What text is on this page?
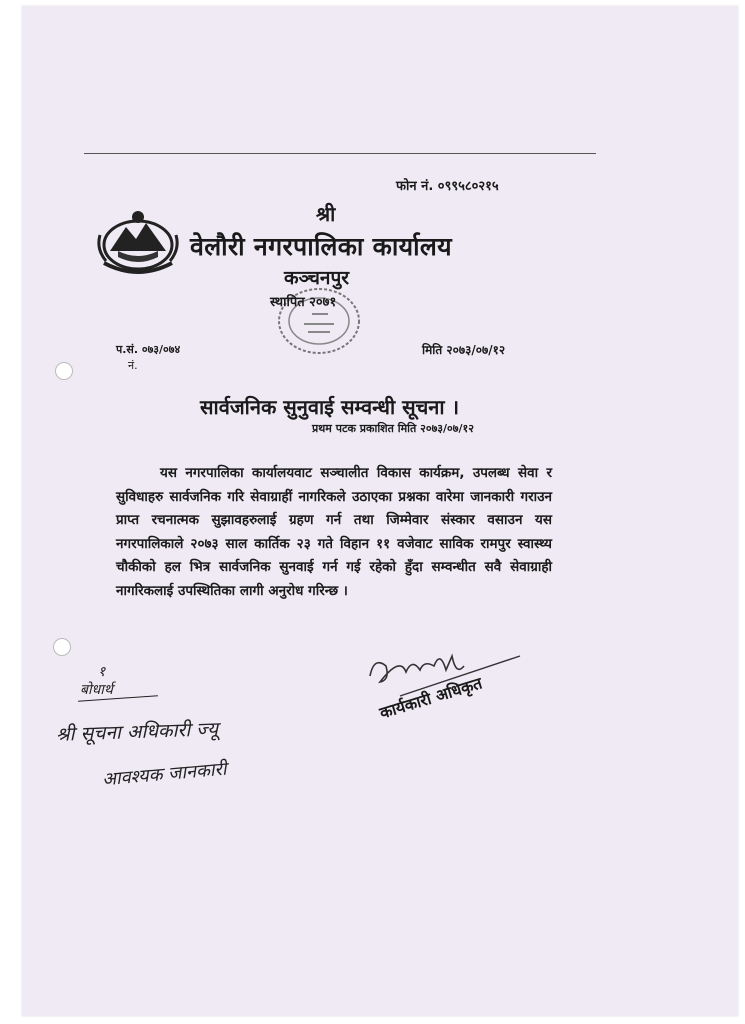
फोन नं. ०९९५८०२१५
श्री
वेलौरी नगरपालिका कार्यालय
कञ्चनपुर
स्थापित २०७१
प.सं. ०७३/०७४
नं.
मिति २०७३/०७/१२
सार्वजनिक सुनुवाई सम्वन्धी सूचना ।
प्रथम पटक प्रकाशित मिति २०७३/०७/१२
यस नगरपालिका कार्यालयवाट सञ्चालीत विकास कार्यक्रम, उपलब्ध सेवा र सुविधाहरु सार्वजनिक गरि सेवाग्राहीं नागरिकले उठाएका प्रश्नका वारेमा जानकारी गराउन प्राप्त रचनात्मक सुझावहरुलाई ग्रहण गर्न तथा जिम्मेवार संस्कार वसाउन यस नगरपालिकाले २०७३ साल कार्तिक २३ गते विहान ११ वजेवाट साविक रामपुर स्वास्थ्य चौकीको हल भित्र सार्वजनिक सुनवाई गर्न गई रहेको हुँदा सम्वन्धीत सवै सेवाग्राही नागरिकलाई उपस्थितिका लागी अनुरोध गरिन्छ ।
कार्यकारी अधिकृत
१
बोधार्थ
श्री सूचना अधिकारी ज्यू
आवश्यक जानकारी
